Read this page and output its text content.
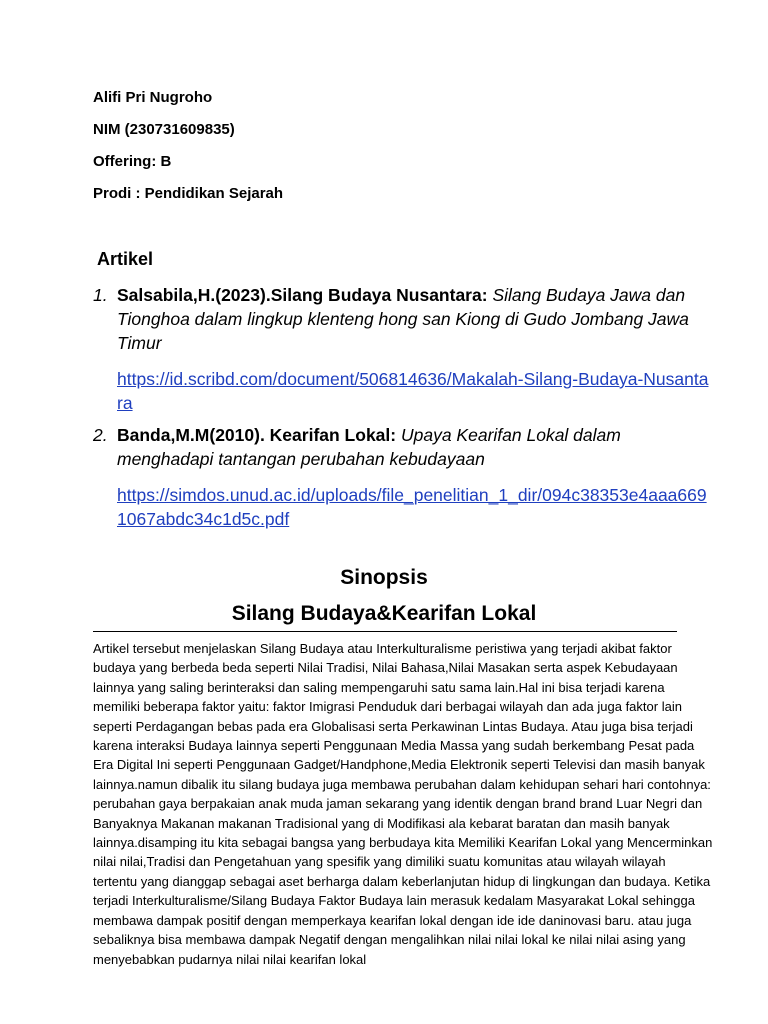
Alifi Pri Nugroho
NIM (230731609835)
Offering: B
Prodi : Pendidikan Sejarah
Artikel
1. Salsabila,H.(2023).Silang Budaya Nusantara: Silang Budaya Jawa dan Tionghoa dalam lingkup klenteng hong san Kiong di Gudo Jombang Jawa Timur
https://id.scribd.com/document/506814636/Makalah-Silang-Budaya-Nusantara
2. Banda,M.M(2010). Kearifan Lokal: Upaya Kearifan Lokal dalam menghadapi tantangan perubahan kebudayaan
https://simdos.unud.ac.id/uploads/file_penelitian_1_dir/094c38353e4aaa6691067abdc34c1d5c.pdf
Sinopsis
Silang Budaya&Kearifan Lokal
Artikel tersebut menjelaskan Silang Budaya atau Interkulturalisme peristiwa yang terjadi akibat faktor budaya yang berbeda beda seperti Nilai Tradisi, Nilai Bahasa,Nilai Masakan serta aspek Kebudayaan lainnya yang saling berinteraksi dan saling mempengaruhi satu sama lain.Hal ini bisa terjadi karena memiliki beberapa faktor yaitu: faktor Imigrasi Penduduk dari berbagai wilayah dan ada juga faktor lain seperti Perdagangan bebas pada era Globalisasi serta Perkawinan Lintas Budaya. Atau juga bisa terjadi karena interaksi Budaya lainnya seperti Penggunaan Media Massa yang sudah berkembang Pesat pada Era Digital Ini seperti Penggunaan Gadget/Handphone,Media Elektronik seperti Televisi dan masih banyak lainnya.namun dibalik itu silang budaya juga membawa perubahan dalam kehidupan sehari hari contohnya: perubahan gaya berpakaian anak muda jaman sekarang yang identik dengan brand brand Luar Negri dan Banyaknya Makanan makanan Tradisional yang di Modifikasi ala kebarat baratan dan masih banyak lainnya.disamping itu kita sebagai bangsa yang berbudaya kita Memiliki Kearifan Lokal yang Mencerminkan nilai nilai,Tradisi dan Pengetahuan yang spesifik yang dimiliki suatu komunitas atau wilayah wilayah tertentu yang dianggap sebagai aset berharga dalam keberlanjutan hidup di lingkungan dan budaya. Ketika terjadi Interkulturalisme/Silang Budaya Faktor Budaya lain merasuk kedalam Masyarakat Lokal sehingga membawa dampak positif dengan memperkaya kearifan lokal dengan ide ide daninovasi baru. atau juga sebaliknya bisa membawa dampak Negatif dengan mengalihkan nilai nilai lokal ke nilai nilai asing yang menyebabkan pudarnya nilai nilai kearifan lokal
